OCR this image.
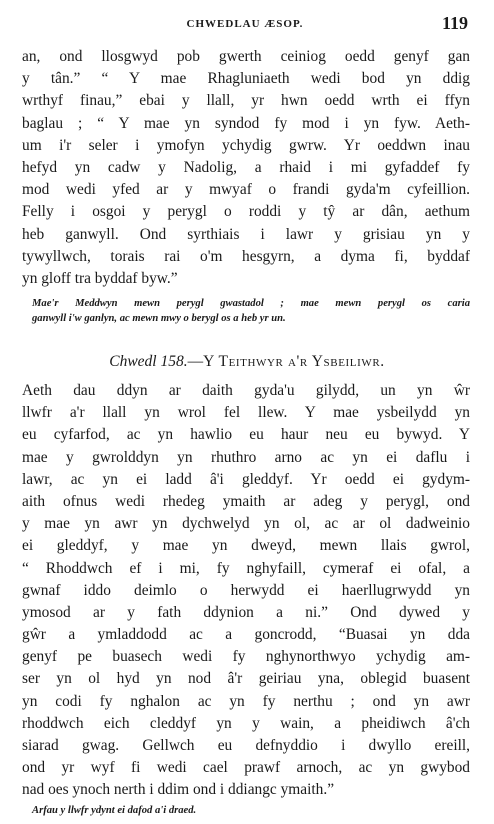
CHWEDLAU ÆSOP.	119
an, ond llosgwyd pob gwerth ceiniog oedd genyf gan
y tân.” “ Y mae Rhagluniaeth wedi bod yn ddig
wrthyf finau,” ebai y llall, yr hwn oedd wrth ei ffyn
baglau ; “ Y mae yn syndod fy mod i yn fyw. Aeth-
um i'r seler i ymofyn ychydig gwrw. Yr oeddwn inau
hefyd yn cadw y Nadolig, a rhaid i mi gyfaddef fy
mod wedi yfed ar y mwyaf o frandi gyda'm cyfeillion.
Felly i osgoi y perygl o roddi y tŷ ar dân, aethum
heb ganwyll. Ond syrthiais i lawr y grisiau yn y
tywyllwch, torais rai o'm hesgyrn, a dyma fi, byddaf
yn gloff tra byddaf byw.”
Mae'r Meddwyn mewn perygl gwastadol ; mae mewn perygl os caria
ganwyll i'w ganlyn, ac mewn mwy o berygl os a heb yr un.
Chwedl 158.—Y Teithwyr a'r Ysbeiliwr.
Aeth dau ddyn ar daith gyda'u gilydd, un yn ŵr
llwfr a'r llall yn wrol fel llew. Y mae ysbeilydd yn
eu cyfarfod, ac yn hawlio eu haur neu eu bywyd. Y
mae y gwrolddyn yn rhuthro arno ac yn ei daflu i
lawr, ac yn ei ladd â'i gleddyf. Yr oedd ei gydym-
aith ofnus wedi rhedeg ymaith ar adeg y perygl, ond
y mae yn awr yn dychwelyd yn ol, ac ar ol dadweinio
ei gleddyf, y mae yn dweyd, mewn llais gwrol,
“ Rhoddwch ef i mi, fy nghyfaill, cymeraf ei ofal, a
gwnaf iddo deimlo o herwydd ei haerllugrwydd yn
ymosod ar y fath ddynion a ni.” Ond dywed y
gŵr a ymladdodd ac a goncrodd, “Buasai yn dda
genyf pe buasech wedi fy nghynorthwyo ychydig am-
ser yn ol hyd yn nod â'r geiriau yna, oblegid buasent
yn codi fy nghalon ac yn fy nerthu ; ond yn awr
rhoddwch eich cleddyf yn y wain, a pheidiwch â'ch
siarad gwag. Gellwch eu defnyddio i dwyllo ereill,
ond yr wyf fi wedi cael prawf arnoch, ac yn gwybod
nad oes ynoch nerth i ddim ond i ddiangc ymaith.”
Arfau y llwfr ydynt ei dafod a'i draed.
